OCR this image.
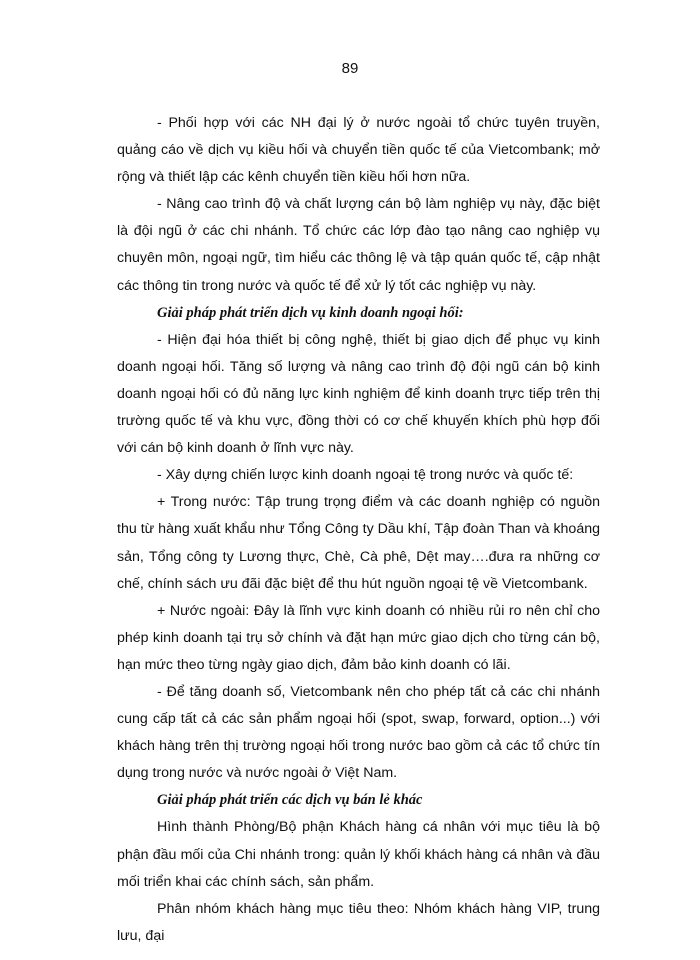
89

- Phối hợp với các NH đại lý ở nước ngoài tổ chức tuyên truyền, quảng cáo về dịch vụ kiều hối và chuyển tiền quốc tế của Vietcombank; mở rộng và thiết lập các kênh chuyển tiền kiều hối hơn nữa.

- Nâng cao trình độ và chất lượng cán bộ làm nghiệp vụ này, đặc biệt là đội ngũ ở các chi nhánh. Tổ chức các lớp đào tạo nâng cao nghiệp vụ chuyên môn, ngoại ngữ, tìm hiểu các thông lệ và tập quán quốc tế, cập nhật các thông tin trong nước và quốc tế để xử lý tốt các nghiệp vụ này.

Giải pháp phát triển dịch vụ kinh doanh ngoại hối:

- Hiện đại hóa thiết bị công nghệ, thiết bị giao dịch để phục vụ kinh doanh ngoại hối. Tăng số lượng và nâng cao trình độ đội ngũ cán bộ kinh doanh ngoại hối có đủ năng lực kinh nghiệm để kinh doanh trực tiếp trên thị trường quốc tế và khu vực, đồng thời có cơ chế khuyến khích phù hợp đối với cán bộ kinh doanh ở lĩnh vực này.

- Xây dựng chiến lược kinh doanh ngoại tệ trong nước và quốc tế:

+ Trong nước: Tập trung trọng điểm và các doanh nghiệp có nguồn thu từ hàng xuất khẩu như Tổng Công ty Dầu khí, Tập đoàn Than và khoáng sản, Tổng công ty Lương thực, Chè, Cà phê, Dệt may….đưa ra những cơ chế, chính sách ưu đãi đặc biệt để thu hút nguồn ngoại tệ về Vietcombank.

+ Nước ngoài: Đây là lĩnh vực kinh doanh có nhiều rủi ro nên chỉ cho phép kinh doanh tại trụ sở chính và đặt hạn mức giao dịch cho từng cán bộ, hạn mức theo từng ngày giao dịch, đảm bảo kinh doanh có lãi.

- Để tăng doanh số, Vietcombank nên cho phép tất cả các chi nhánh cung cấp tất cả các sản phẩm ngoại hối (spot, swap, forward, option...) với khách hàng trên thị trường ngoại hối trong nước bao gồm cả các tổ chức tín dụng trong nước và nước ngoài ở Việt Nam.

Giải pháp phát triển các dịch vụ bán lẻ khác

Hình thành Phòng/Bộ phận Khách hàng cá nhân với mục tiêu là bộ phận đầu mối của Chi nhánh trong: quản lý khối khách hàng cá nhân và đầu mối triển khai các chính sách, sản phẩm.

Phân nhóm khách hàng mục tiêu theo: Nhóm khách hàng VIP, trung lưu, đại
